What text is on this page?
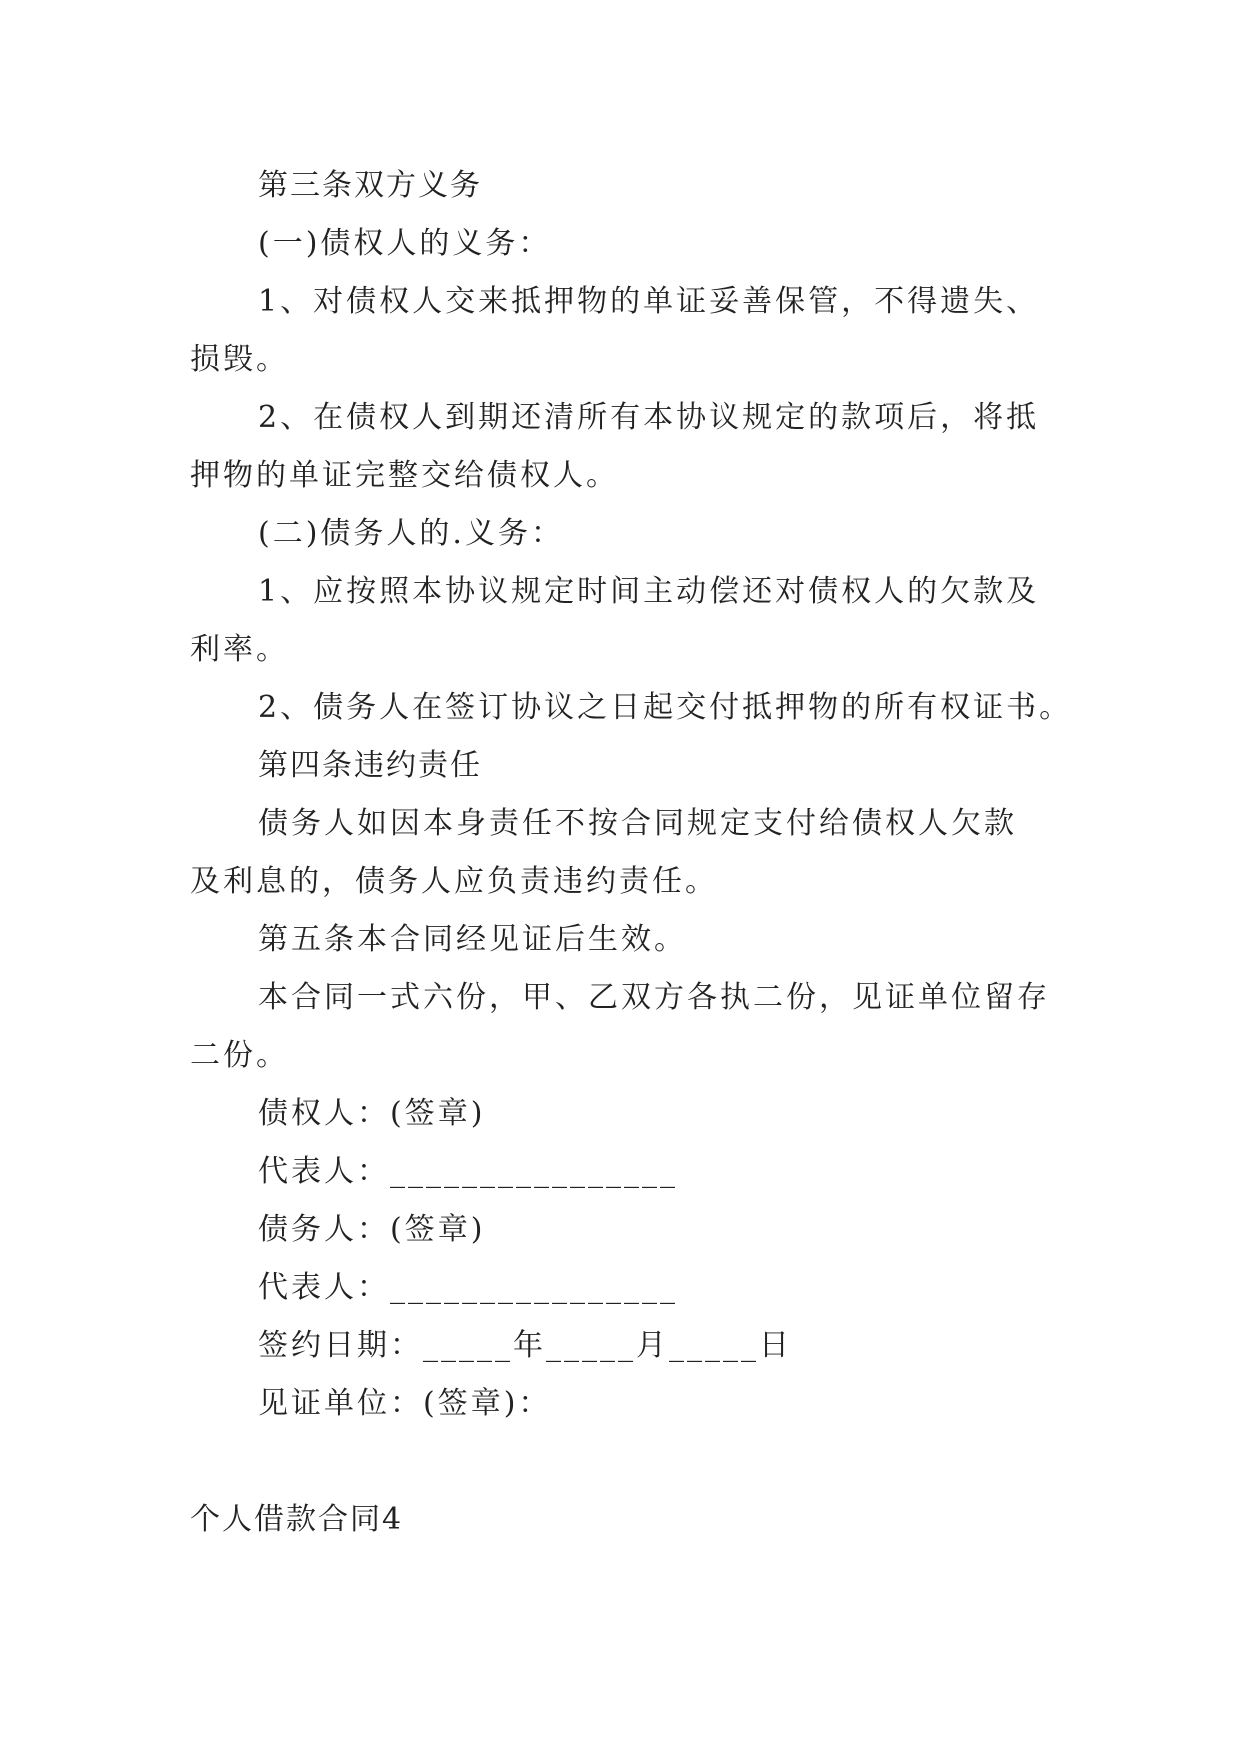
第三条双方义务
(一)债权人的义务：
1、对债权人交来抵押物的单证妥善保管，不得遗失、
损毁。
2、在债权人到期还清所有本协议规定的款项后，将抵
押物的单证完整交给债权人。
(二)债务人的.义务：
1、应按照本协议规定时间主动偿还对债权人的欠款及
利率。
2、债务人在签订协议之日起交付抵押物的所有权证书。
第四条违约责任
债务人如因本身责任不按合同规定支付给债权人欠款
及利息的，债务人应负责违约责任。
第五条本合同经见证后生效。
本合同一式六份，甲、乙双方各执二份，见证单位留存
二份。
债权人：(签章)
代表人：________________
债务人：(签章)
代表人：________________
签约日期：_____年_____月_____日
见证单位：(签章)：
个人借款合同4
